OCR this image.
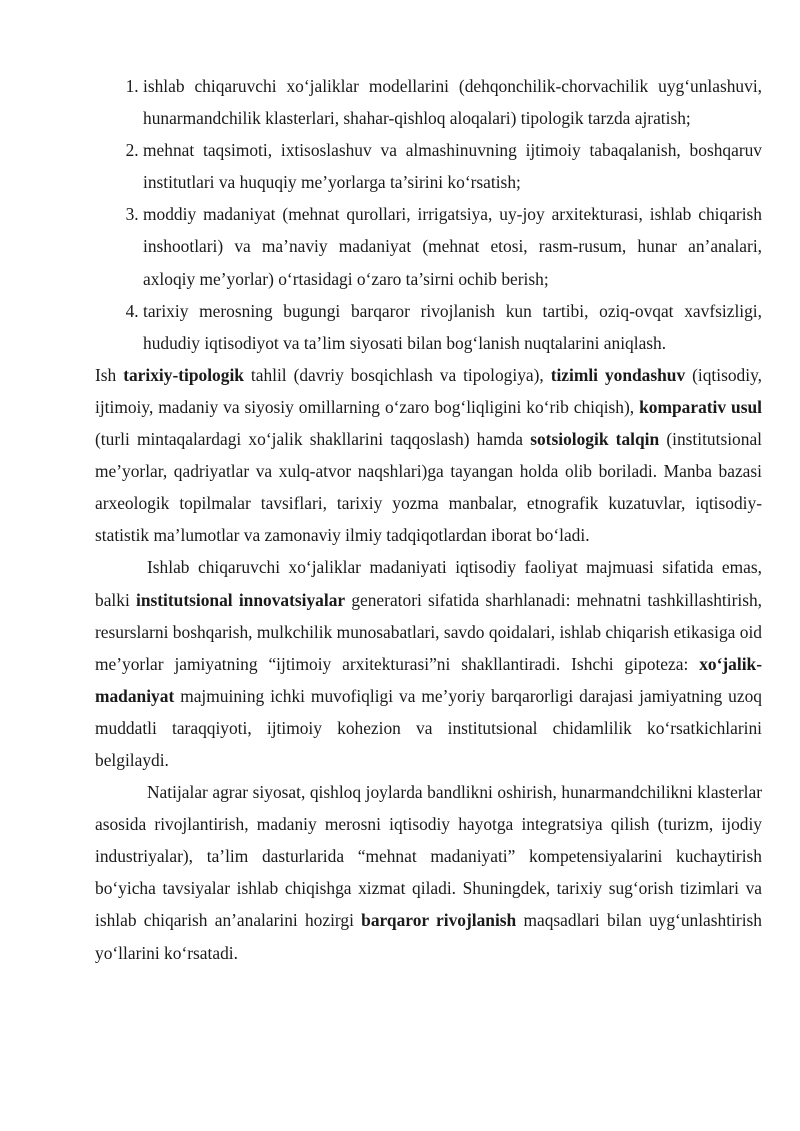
1. ishlab chiqaruvchi xo‘jaliklar modellarini (dehqonchilik-chorvachilik uyg‘unlashuvi, hunarmandchilik klasterlari, shahar-qishloq aloqalari) tipologik tarzda ajratish;
2. mehnat taqsimoti, ixtisoslashuv va almashinuvning ijtimoiy tabaqalanish, boshqaruv institutlari va huquqiy me’yorlarga ta’sirini ko‘rsatish;
3. moddiy madaniyat (mehnat qurollari, irrigatsiya, uy-joy arxitekturasi, ishlab chiqarish inshootlari) va ma’naviy madaniyat (mehnat etosi, rasm-rusum, hunar an’analari, axloqiy me’yorlar) o‘rtasidagi o‘zaro ta’sirni ochib berish;
4. tarixiy merosning bugungi barqaror rivojlanish kun tartibi, oziq-ovqat xavfsizligi, hududiy iqtisodiyot va ta’lim siyosati bilan bog‘lanish nuqtalarini aniqlash.

Ish tarixiy-tipologik tahlil (davriy bosqichlash va tipologiya), tizimli yondashuv (iqtisodiy, ijtimoiy, madaniy va siyosiy omillarning o‘zaro bog‘liqligini ko‘rib chiqish), komparativ usul (turli mintaqalardagi xo‘jalik shakllarini taqqoslash) hamda sotsiologik talqin (institutsional me’yorlar, qadriyatlar va xulq-atvor naqshlari)ga tayangan holda olib boriladi. Manba bazasi arxeologik topilmalar tavsiflari, tarixiy yozma manbalar, etnografik kuzatuvlar, iqtisodiy-statistik ma’lumotlar va zamonaviy ilmiy tadqiqotlardan iborat bo‘ladi.

Ishlab chiqaruvchi xo‘jaliklar madaniyati iqtisodiy faoliyat majmuasi sifatida emas, balki institutsional innovatsiyalar generatori sifatida sharhlanadi: mehnatni tashkillashtirish, resurslarni boshqarish, mulkchilik munosabatlari, savdo qoidalari, ishlab chiqarish etikasiga oid me’yorlar jamiyatning “ijtimoiy arxitekturasi”ni shakllantiradi. Ishchi gipoteza: xo‘jalik-madaniyat majmuining ichki muvofiqligi va me’yoriy barqarorligi darajasi jamiyatning uzoq muddatli taraqqiyoti, ijtimoiy kohezion va institutsional chidamlilik ko‘rsatkichlarini belgilaydi.

Natijalar agrar siyosat, qishloq joylarda bandlikni oshirish, hunarmandchilikni klasterlar asosida rivojlantirish, madaniy merosni iqtisodiy hayotga integratsiya qilish (turizm, ijodiy industriyalar), ta’lim dasturlarida “mehnat madaniyati” kompetensiyalarini kuchaytirish bo‘yicha tavsiyalar ishlab chiqishga xizmat qiladi. Shuningdek, tarixiy sug‘orish tizimlari va ishlab chiqarish an’analarini hozirgi barqaror rivojlanish maqsadlari bilan uyg‘unlashtirish yo‘llarini ko‘rsatadi.
